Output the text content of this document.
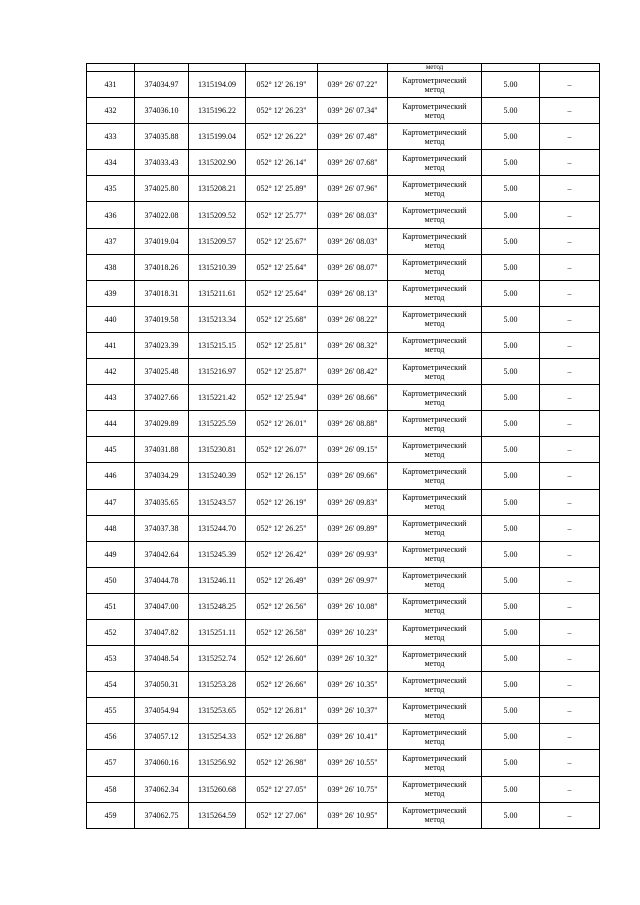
					метод		
431	374034.97	1315194.09	052° 12' 26.19"	039° 26' 07.22"	Картометрический
метод	5.00	–
432	374036.10	1315196.22	052° 12' 26.23"	039° 26' 07.34"	Картометрический
метод	5.00	–
433	374035.88	1315199.04	052° 12' 26.22"	039° 26' 07.48"	Картометрический
метод	5.00	–
434	374033.43	1315202.90	052° 12' 26.14"	039° 26' 07.68"	Картометрический
метод	5.00	–
435	374025.80	1315208.21	052° 12' 25.89"	039° 26' 07.96"	Картометрический
метод	5.00	–
436	374022.08	1315209.52	052° 12' 25.77"	039° 26' 08.03"	Картометрический
метод	5.00	–
437	374019.04	1315209.57	052° 12' 25.67"	039° 26' 08.03"	Картометрический
метод	5.00	–
438	374018.26	1315210.39	052° 12' 25.64"	039° 26' 08.07"	Картометрический
метод	5.00	–
439	374018.31	1315211.61	052° 12' 25.64"	039° 26' 08.13"	Картометрический
метод	5.00	–
440	374019.58	1315213.34	052° 12' 25.68"	039° 26' 08.22"	Картометрический
метод	5.00	–
441	374023.39	1315215.15	052° 12' 25.81"	039° 26' 08.32"	Картометрический
метод	5.00	–
442	374025.48	1315216.97	052° 12' 25.87"	039° 26' 08.42"	Картометрический
метод	5.00	–
443	374027.66	1315221.42	052° 12' 25.94"	039° 26' 08.66"	Картометрический
метод	5.00	–
444	374029.89	1315225.59	052° 12' 26.01"	039° 26' 08.88"	Картометрический
метод	5.00	–
445	374031.88	1315230.81	052° 12' 26.07"	039° 26' 09.15"	Картометрический
метод	5.00	–
446	374034.29	1315240.39	052° 12' 26.15"	039° 26' 09.66"	Картометрический
метод	5.00	–
447	374035.65	1315243.57	052° 12' 26.19"	039° 26' 09.83"	Картометрический
метод	5.00	–
448	374037.38	1315244.70	052° 12' 26.25"	039° 26' 09.89"	Картометрический
метод	5.00	–
449	374042.64	1315245.39	052° 12' 26.42"	039° 26' 09.93"	Картометрический
метод	5.00	–
450	374044.78	1315246.11	052° 12' 26.49"	039° 26' 09.97"	Картометрический
метод	5.00	–
451	374047.00	1315248.25	052° 12' 26.56"	039° 26' 10.08"	Картометрический
метод	5.00	–
452	374047.82	1315251.11	052° 12' 26.58"	039° 26' 10.23"	Картометрический
метод	5.00	–
453	374048.54	1315252.74	052° 12' 26.60"	039° 26' 10.32"	Картометрический
метод	5.00	–
454	374050.31	1315253.28	052° 12' 26.66"	039° 26' 10.35"	Картометрический
метод	5.00	–
455	374054.94	1315253.65	052° 12' 26.81"	039° 26' 10.37"	Картометрический
метод	5.00	–
456	374057.12	1315254.33	052° 12' 26.88"	039° 26' 10.41"	Картометрический
метод	5.00	–
457	374060.16	1315256.92	052° 12' 26.98"	039° 26' 10.55"	Картометрический
метод	5.00	–
458	374062.34	1315260.68	052° 12' 27.05"	039° 26' 10.75"	Картометрический
метод	5.00	–
459	374062.75	1315264.59	052° 12' 27.06"	039° 26' 10.95"	Картометрический
метод	5.00	–
